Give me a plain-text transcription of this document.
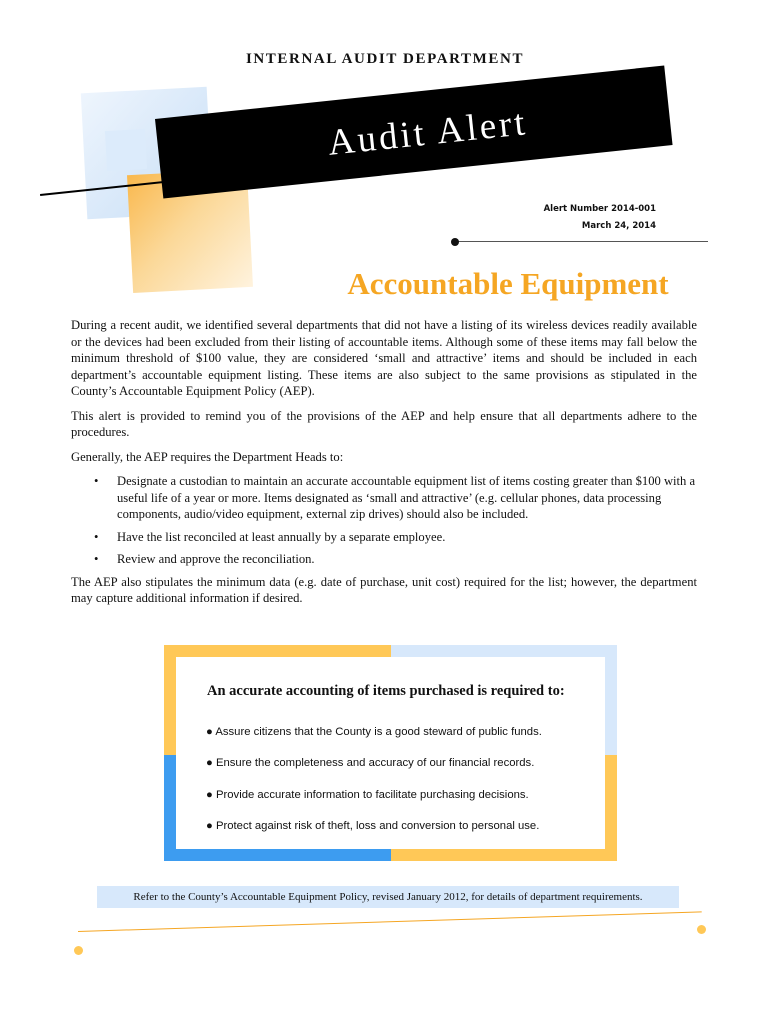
INTERNAL AUDIT DEPARTMENT
Audit Alert
Alert Number 2014-001
March 24, 2014
Accountable Equipment

During a recent audit, we identified several departments that did not have a listing of its wireless devices readily available or the devices had been excluded from their listing of accountable items. Although some of these items may fall below the minimum threshold of $100 value, they are considered ‘small and attractive’ items and should be included in each department’s accountable equipment listing. These items are also subject to the same provisions as stipulated in the County’s Accountable Equipment Policy (AEP).

This alert is provided to remind you of the provisions of the AEP and help ensure that all departments adhere to the procedures.

Generally, the AEP requires the Department Heads to:

• Designate a custodian to maintain an accurate accountable equipment list of items costing greater than $100 with a useful life of a year or more. Items designated as ‘small and attractive’ (e.g. cellular phones, data processing components, audio/video equipment, external zip drives) should also be included.
• Have the list reconciled at least annually by a separate employee.
• Review and approve the reconciliation.

The AEP also stipulates the minimum data (e.g. date of purchase, unit cost) required for the list; however, the department may capture additional information if desired.

An accurate accounting of items purchased is required to:
● Assure citizens that the County is a good steward of public funds.
● Ensure the completeness and accuracy of our financial records.
● Provide accurate information to facilitate purchasing decisions.
● Protect against risk of theft, loss and conversion to personal use.
Refer to the County’s Accountable Equipment Policy, revised January 2012, for details of department requirements.
